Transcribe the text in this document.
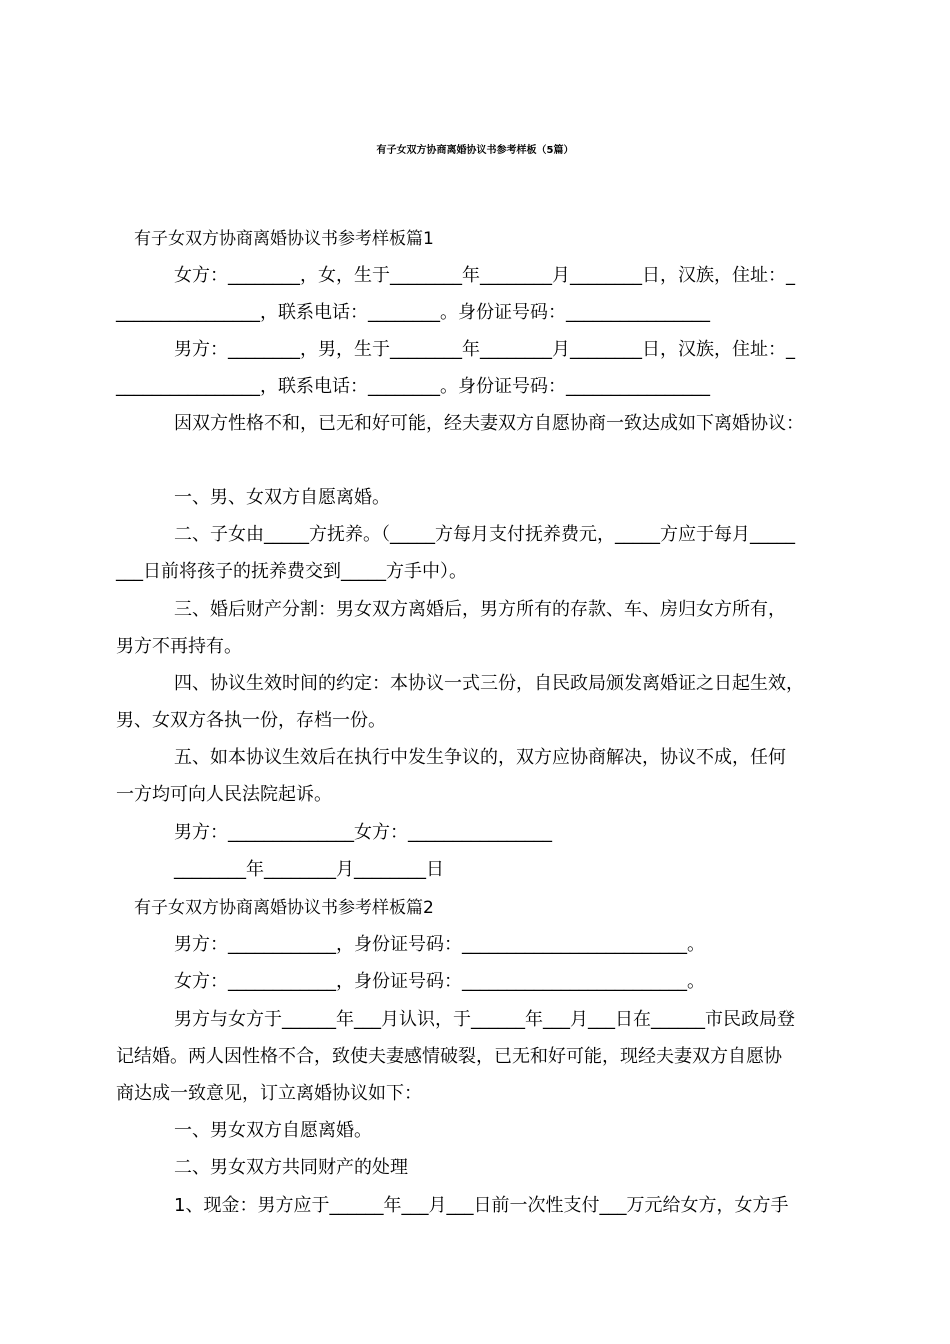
有子女双方协商离婚协议书参考样板（5篇）
有子女双方协商离婚协议书参考样板篇1
女方：________，女，生于________年________月________日，汉族，住址：_
________________，联系电话：________。身份证号码：________________
男方：________，男，生于________年________月________日，汉族，住址：_
________________，联系电话：________。身份证号码：________________
因双方性格不和，已无和好可能，经夫妻双方自愿协商一致达成如下离婚协议：
一、男、女双方自愿离婚。
二、子女由_____方抚养。（_____方每月支付抚养费元，_____方应于每月_____
___日前将孩子的抚养费交到_____方手中）。
三、婚后财产分割：男女双方离婚后，男方所有的存款、车、房归女方所有，
男方不再持有。
四、协议生效时间的约定：本协议一式三份，自民政局颁发离婚证之日起生效，
男、女双方各执一份，存档一份。
五、如本协议生效后在执行中发生争议的，双方应协商解决，协议不成，任何
一方均可向人民法院起诉。
男方：______________女方：________________
________年________月________日
有子女双方协商离婚协议书参考样板篇2
男方：____________，身份证号码：_________________________。
女方：____________，身份证号码：_________________________。
男方与女方于______年___月认识，于______年___月___日在______市民政局登
记结婚。两人因性格不合，致使夫妻感情破裂，已无和好可能，现经夫妻双方自愿协
商达成一致意见，订立离婚协议如下：
一、男女双方自愿离婚。
二、男女双方共同财产的处理
1、现金：男方应于______年___月___日前一次性支付___万元给女方，女方手
